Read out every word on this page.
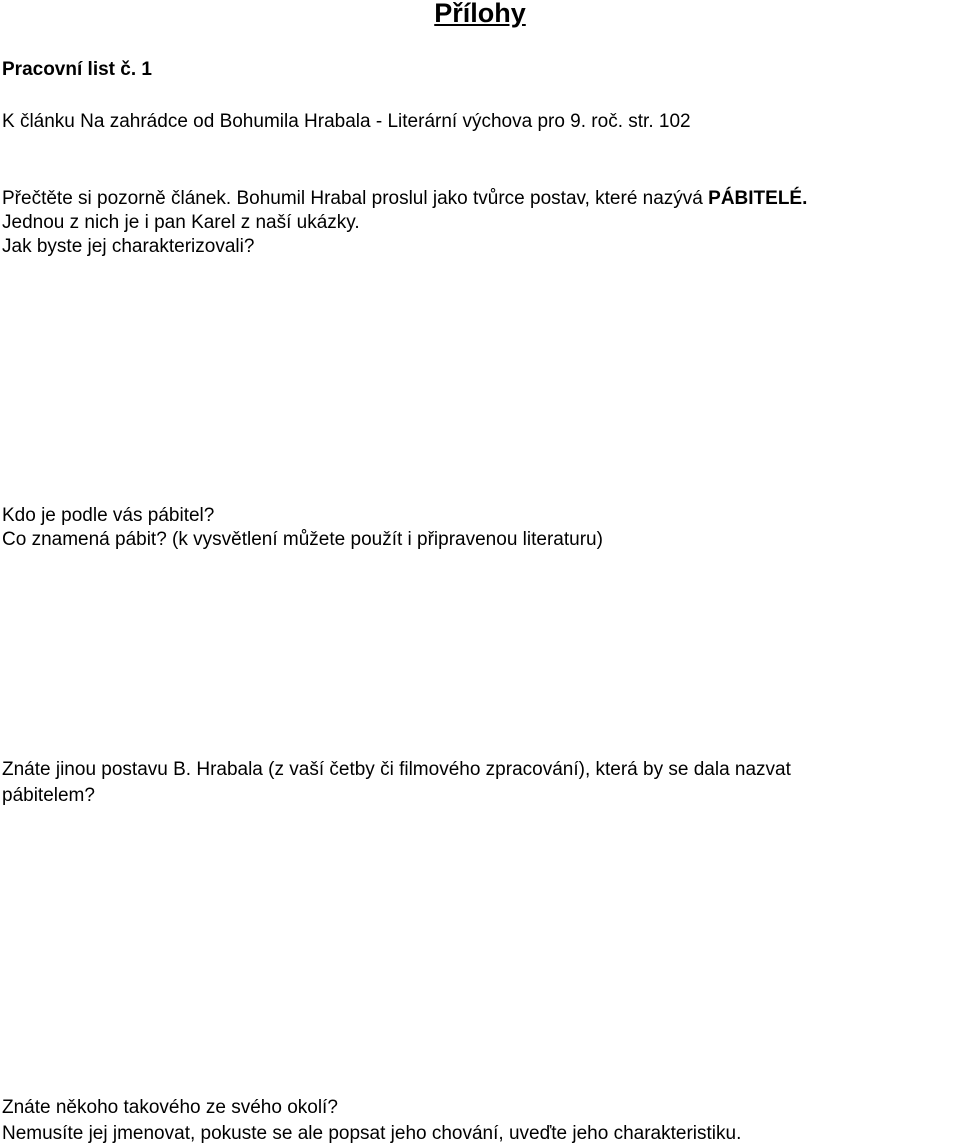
Přílohy

Pracovní list č. 1

K článku Na zahrádce od Bohumila Hrabala - Literární výchova pro 9. roč. str. 102

Přečtěte si pozorně článek. Bohumil Hrabal proslul jako tvůrce postav, které nazývá PÁBITELÉ.

Jednou z nich je i pan Karel z naší ukázky.

Jak byste jej charakterizovali?

Kdo je podle vás pábitel?

Co znamená pábit? (k vysvětlení můžete použít i připravenou literaturu)

Znáte jinou postavu B. Hrabala (z vaší četby či filmového zpracování), která by se dala nazvat

pábitelem?

Znáte někoho takového ze svého okolí?

Nemusíte jej jmenovat, pokuste se ale popsat jeho chování, uveďte jeho charakteristiku.
